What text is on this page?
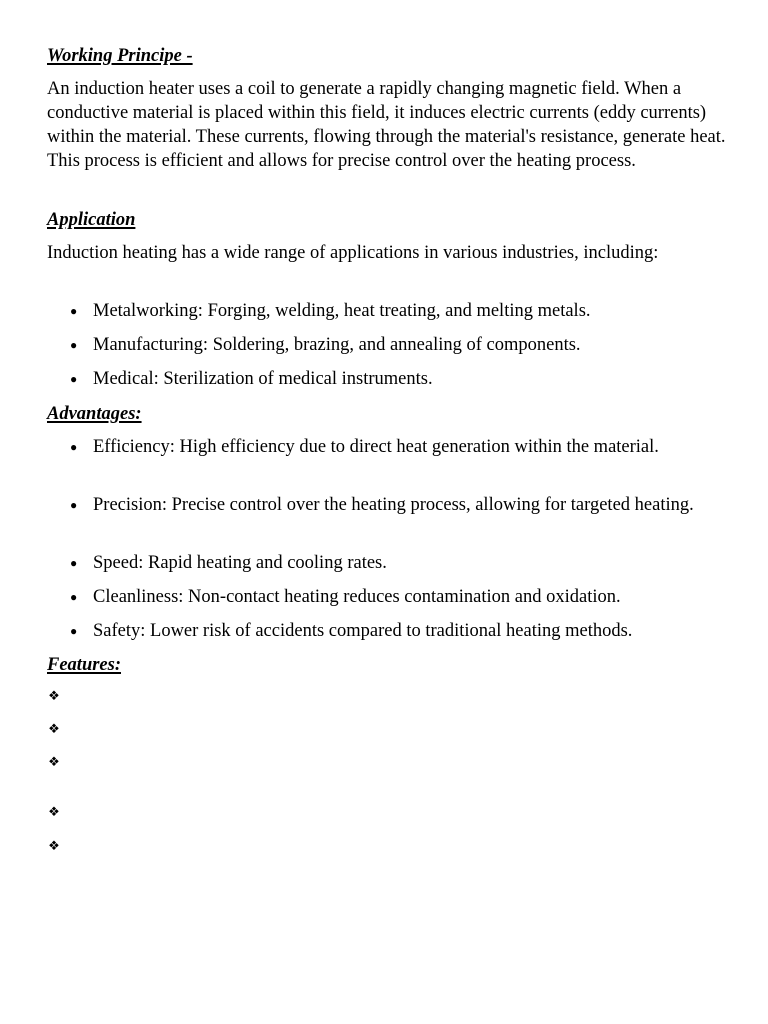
Working Principe -

An induction heater uses a coil to generate a rapidly changing magnetic field. When a conductive material is placed within this field, it induces electric currents (eddy currents) within the material. These currents, flowing through the material's resistance, generate heat. This process is efficient and allows for precise control over the heating process.

Application

Induction heating has a wide range of applications in various industries, including:

● Metalworking: Forging, welding, heat treating, and melting metals.
● Manufacturing: Soldering, brazing, and annealing of components.
● Medical: Sterilization of medical instruments.
Advantages:
● Efficiency: High efficiency due to direct heat generation within the material.
● Precision: Precise control over the heating process, allowing for targeted heating.
● Speed: Rapid heating and cooling rates.
● Cleanliness: Non-contact heating reduces contamination and oxidation.
● Safety: Lower risk of accidents compared to traditional heating methods.
Features:
❖
❖
❖
❖
❖
